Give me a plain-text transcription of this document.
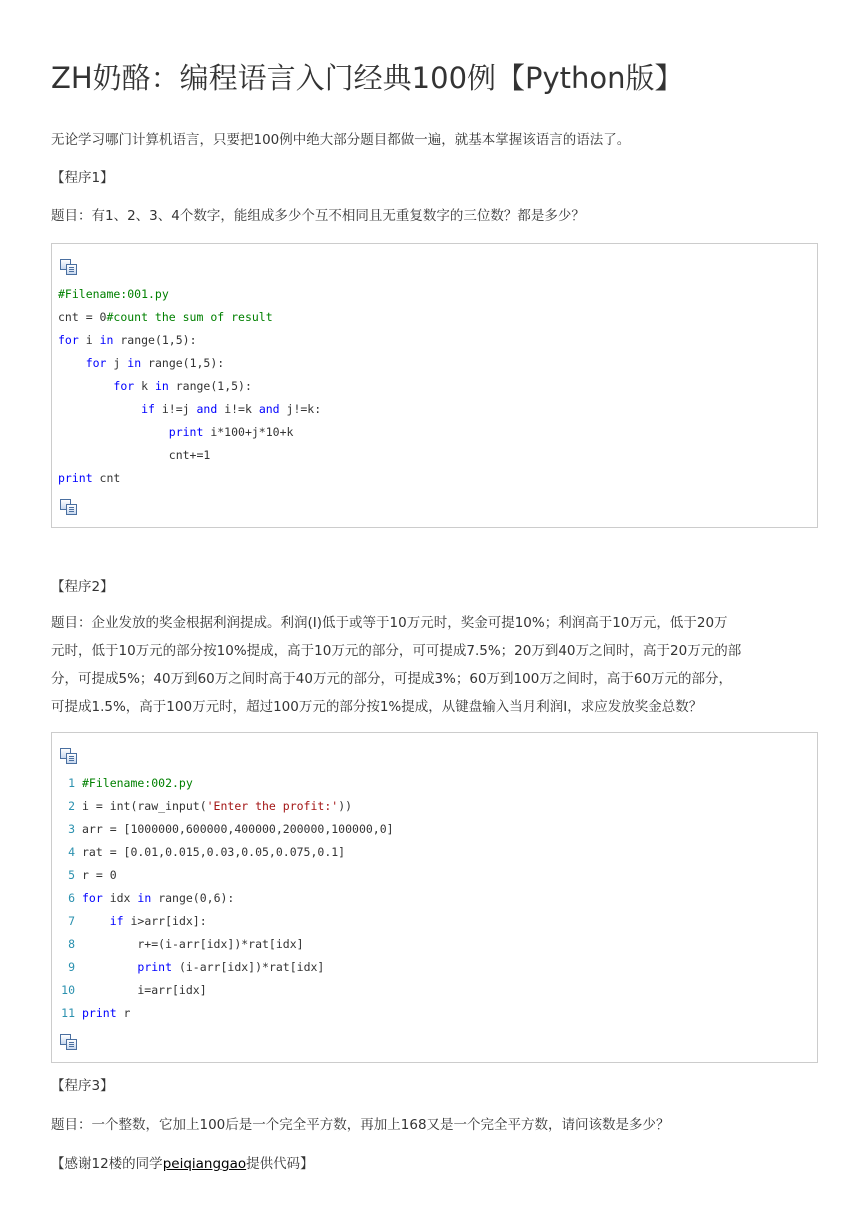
ZH奶酪：编程语言入门经典100例【Python版】
无论学习哪门计算机语言，只要把100例中绝大部分题目都做一遍，就基本掌握该语言的语法了。
【程序1】
题目：有1、2、3、4个数字，能组成多少个互不相同且无重复数字的三位数？都是多少？
#Filename:001.py
cnt = 0#count the sum of result
for i in range(1,5):
for j in range(1,5):
for k in range(1,5):
if i!=j and i!=k and j!=k:
print i*100+j*10+k
cnt+=1
print cnt
【程序2】
题目：企业发放的奖金根据利润提成。利润(I)低于或等于10万元时，奖金可提10%；利润高于10万元，低于20万
元时，低于10万元的部分按10%提成，高于10万元的部分，可可提成7.5%；20万到40万之间时，高于20万元的部
分，可提成5%；40万到60万之间时高于40万元的部分，可提成3%；60万到100万之间时，高于60万元的部分，
可提成1.5%，高于100万元时，超过100万元的部分按1%提成，从键盘输入当月利润I，求应发放奖金总数？
1 #Filename:002.py
2 i = int(raw_input('Enter the profit:'))
3 arr = [1000000,600000,400000,200000,100000,0]
4 rat = [0.01,0.015,0.03,0.05,0.075,0.1]
5 r = 0
6 for idx in range(0,6):
7	if i>arr[idx]:
8 r+=(i-arr[idx])*rat[idx]
9	print (i-arr[idx])*rat[idx]
10 i=arr[idx]
11 print r
【程序3】
题目：一个整数，它加上100后是一个完全平方数，再加上168又是一个完全平方数，请问该数是多少？
【感谢12楼的同学peiqianggao提供代码】
